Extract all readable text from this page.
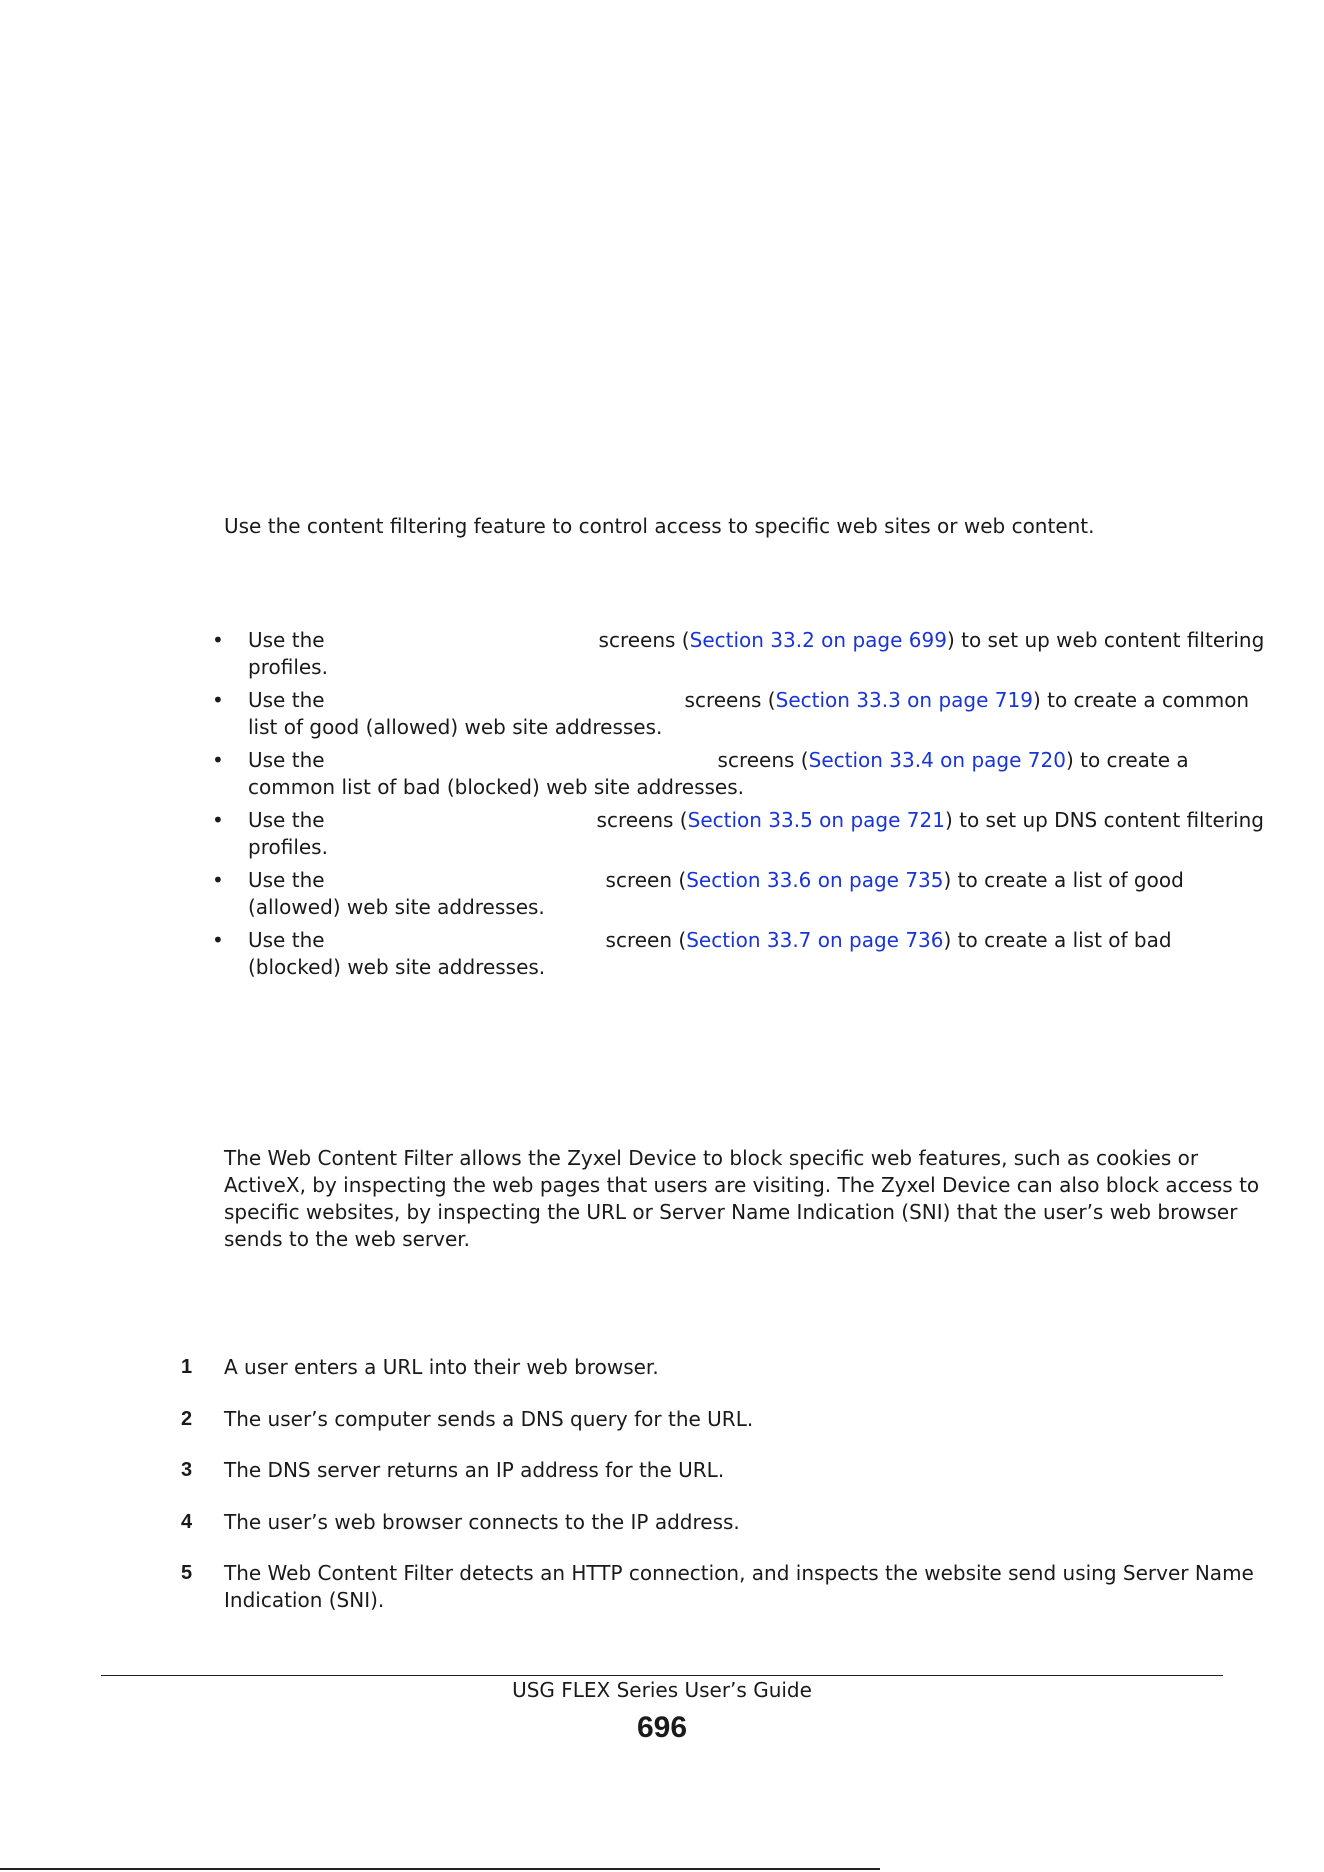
Use the content filtering feature to control access to specific web sites or web content.
• Use the	screens (Section 33.2 on page 699) to set up web content filtering
profiles.
• Use the	screens (Section 33.3 on page 719) to create a common
list of good (allowed) web site addresses.
• Use the	screens (Section 33.4 on page 720) to create a
common list of bad (blocked) web site addresses.
• Use the	screens (Section 33.5 on page 721) to set up DNS content filtering
profiles.
• Use the	screen (Section 33.6 on page 735) to create a list of good
(allowed) web site addresses.
• Use the	screen (Section 33.7 on page 736) to create a list of bad
(blocked) web site addresses.
The Web Content Filter allows the Zyxel Device to block specific web features, such as cookies or
ActiveX, by inspecting the web pages that users are visiting. The Zyxel Device can also block access to
specific websites, by inspecting the URL or Server Name Indication (SNI) that the user’s web browser
sends to the web server.
1 A user enters a URL into their web browser.
2 The user’s computer sends a DNS query for the URL.
3 The DNS server returns an IP address for the URL.
4 The user’s web browser connects to the IP address.
5 The Web Content Filter detects an HTTP connection, and inspects the website send using Server Name
Indication (SNI).
USG FLEX Series User’s Guide
696
